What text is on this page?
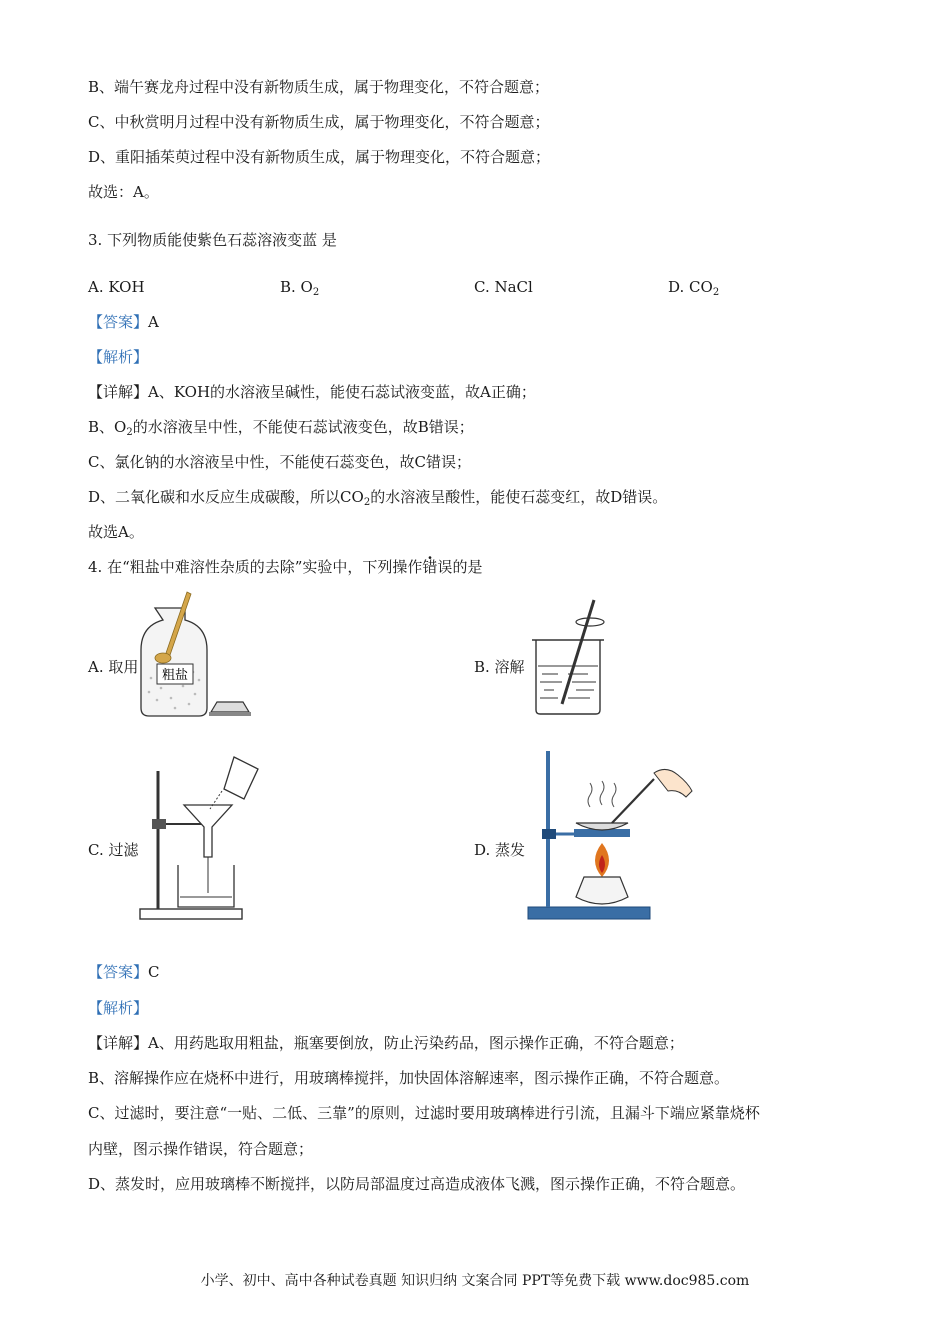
B、端午赛龙舟过程中没有新物质生成，属于物理变化，不符合题意；
C、中秋赏明月过程中没有新物质生成，属于物理变化，不符合题意；
D、重阳插茱萸过程中没有新物质生成，属于物理变化，不符合题意；
故选：A。
3. 下列物质能使紫色石蕊溶液变蓝 是
A. KOH	B. $O_2$	C. NaCl	D. $CO_2$
【答案】A
【解析】
【详解】A、KOH的水溶液呈碱性，能使石蕊试液变蓝，故A正确；
B、$O_2$的水溶液呈中性，不能使石蕊试液变色，故B错误；
C、氯化钠的水溶液呈中性，不能使石蕊变色，故C错误；
D、二氧化碳和水反应生成碳酸，所以$CO_2$的水溶液呈酸性，能使石蕊变红，故D错误。
故选A。
4. 在“粗盐中难溶性杂质的去除”实验中，下列操作错误的是
A. 取用 粗盐	B. 溶解
C. 过滤	D. 蒸发
【答案】C
【解析】
【详解】A、用药匙取用粗盐，瓶塞要倒放，防止污染药品，图示操作正确，不符合题意；
B、溶解操作应在烧杯中进行，用玻璃棒搅拌，加快固体溶解速率，图示操作正确，不符合题意。
C、过滤时，要注意“一贴、二低、三靠”的原则，过滤时要用玻璃棒进行引流，且漏斗下端应紧靠烧杯
内壁，图示操作错误，符合题意；
D、蒸发时，应用玻璃棒不断搅拌，以防局部温度过高造成液体飞溅，图示操作正确，不符合题意。
小学、初中、高中各种试卷真题 知识归纳 文案合同 PPT等免费下载 www.doc985.com
